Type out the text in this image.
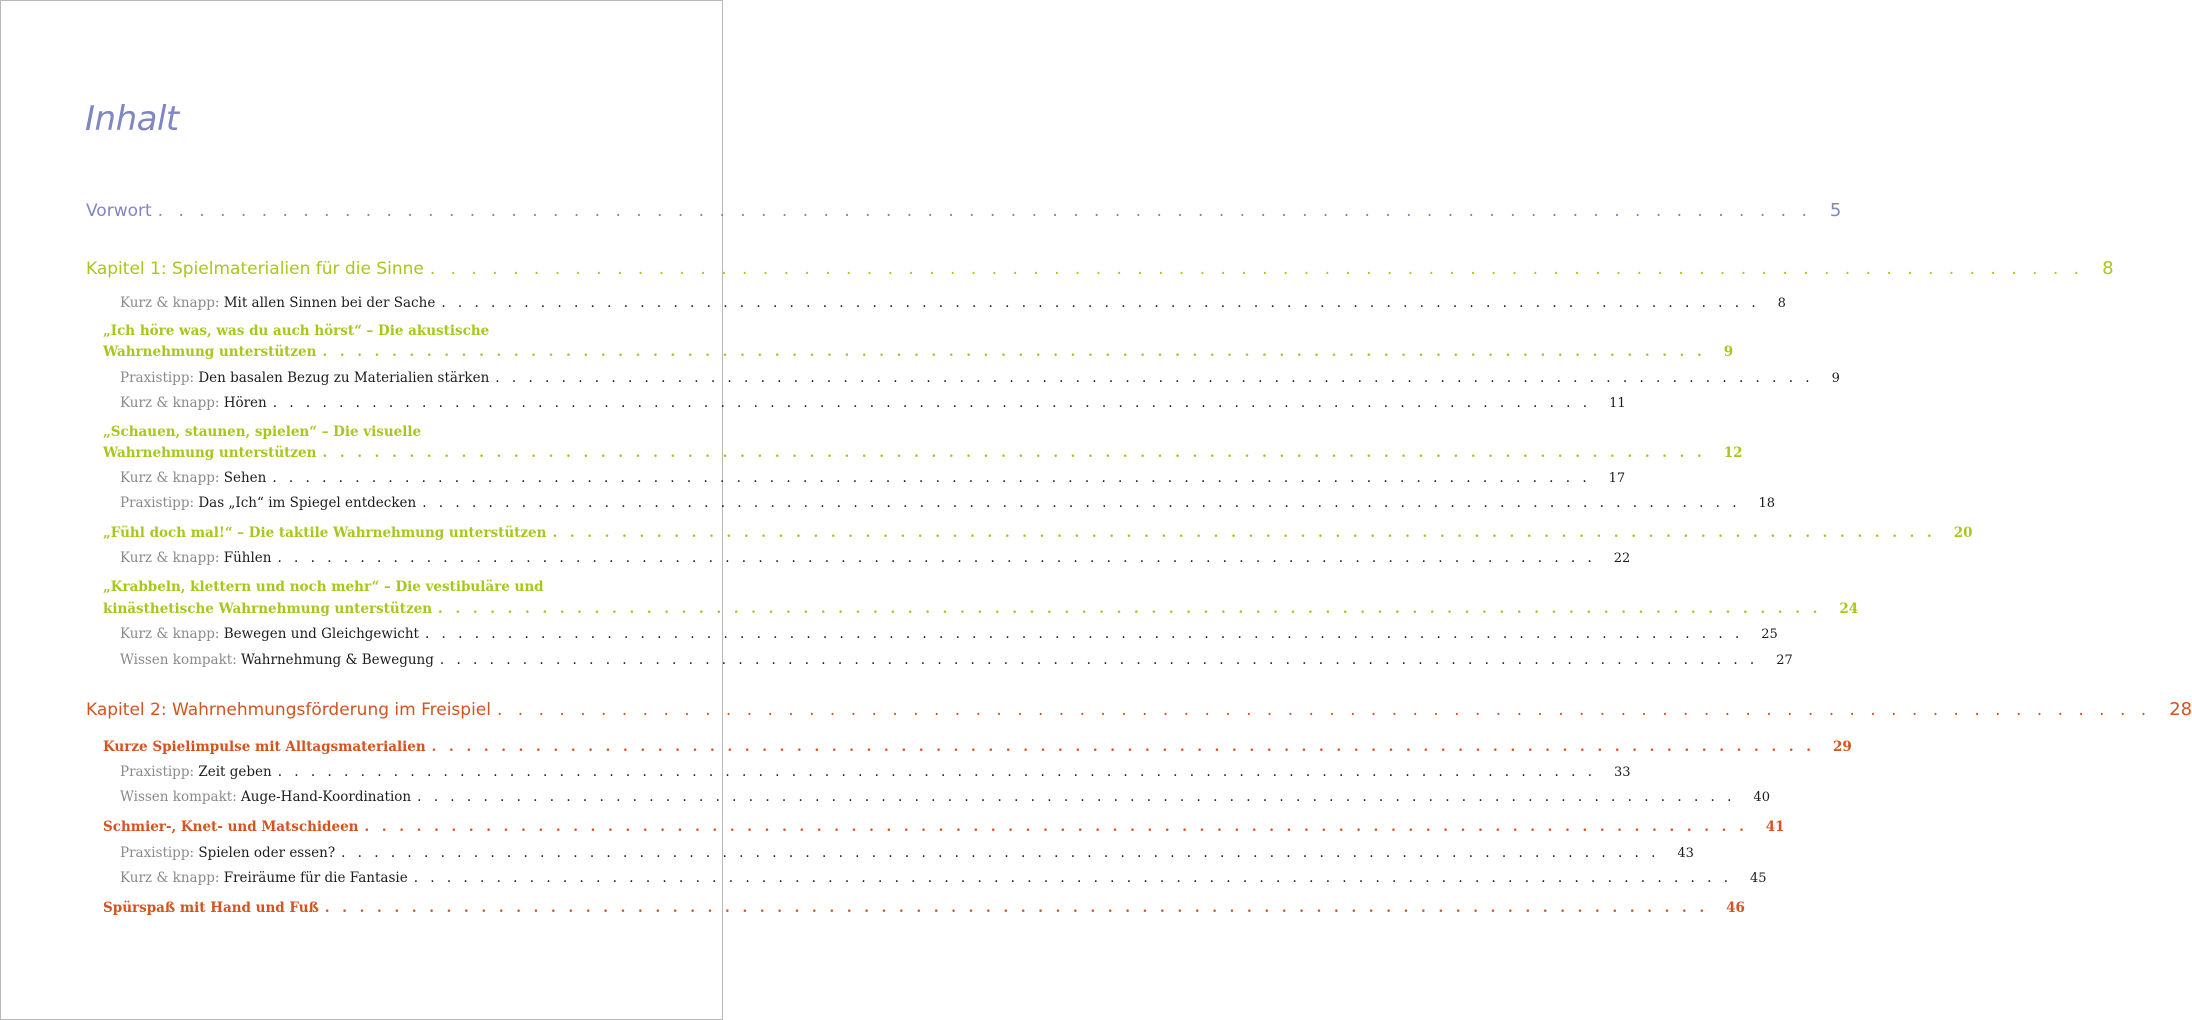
Inhalt
Vorwort . . . . . . . . . . . . . . . . . . . . . . . . . . . . . . . . . . . . . . . . . . . . . . . . . . . . . . . . . . . . . . . . . . . . . . . . . . . . . . . . 5
Kapitel 1: Spielmaterialien für die Sinne . . . . . . . . . . . . . . . . . . . . . . . . . . . . . . . . . . . . . . . . . . . . . . . . . . . . . . . . . . . . . . . . . . . . . . . . . . . . . . . . 8
Kurz & knapp: Mit allen Sinnen bei der Sache . . . . . . . . . . . . . . . . . . . . . . . . . . . . . . . . . . . . . . . . . . . . . . . . . . . . . . . . . . . . . . . . . . . . . . . . . . . . . . . . 8
„Ich höre was, was du auch hörst“ – Die akustische
Wahrnehmung unterstützen . . . . . . . . . . . . . . . . . . . . . . . . . . . . . . . . . . . . . . . . . . . . . . . . . . . . . . . . . . . . . . . . . . . . . . . . . . . . . . . . 9
Praxistipp: Den basalen Bezug zu Materialien stärken . . . . . . . . . . . . . . . . . . . . . . . . . . . . . . . . . . . . . . . . . . . . . . . . . . . . . . . . . . . . . . . . . . . . . . . . . . . . . . . . 9
Kurz & knapp: Hören . . . . . . . . . . . . . . . . . . . . . . . . . . . . . . . . . . . . . . . . . . . . . . . . . . . . . . . . . . . . . . . . . . . . . . . . . . . . . . . . 11
„Schauen, staunen, spielen“ – Die visuelle
Wahrnehmung unterstützen . . . . . . . . . . . . . . . . . . . . . . . . . . . . . . . . . . . . . . . . . . . . . . . . . . . . . . . . . . . . . . . . . . . . . . . . . . . . . . . . 12
Kurz & knapp: Sehen . . . . . . . . . . . . . . . . . . . . . . . . . . . . . . . . . . . . . . . . . . . . . . . . . . . . . . . . . . . . . . . . . . . . . . . . . . . . . . . . 17
Praxistipp: Das „Ich“ im Spiegel entdecken . . . . . . . . . . . . . . . . . . . . . . . . . . . . . . . . . . . . . . . . . . . . . . . . . . . . . . . . . . . . . . . . . . . . . . . . . . . . . . . . 18
„Fühl doch mal!“ – Die taktile Wahrnehmung unterstützen . . . . . . . . . . . . . . . . . . . . . . . . . . . . . . . . . . . . . . . . . . . . . . . . . . . . . . . . . . . . . . . . . . . . . . . . . . . . . . . . 20
Kurz & knapp: Fühlen . . . . . . . . . . . . . . . . . . . . . . . . . . . . . . . . . . . . . . . . . . . . . . . . . . . . . . . . . . . . . . . . . . . . . . . . . . . . . . . . 22
„Krabbeln, klettern und noch mehr“ – Die vestibuläre und
kinästhetische Wahrnehmung unterstützen . . . . . . . . . . . . . . . . . . . . . . . . . . . . . . . . . . . . . . . . . . . . . . . . . . . . . . . . . . . . . . . . . . . . . . . . . . . . . . . . 24
Kurz & knapp: Bewegen und Gleichgewicht . . . . . . . . . . . . . . . . . . . . . . . . . . . . . . . . . . . . . . . . . . . . . . . . . . . . . . . . . . . . . . . . . . . . . . . . . . . . . . . . 25
Wissen kompakt: Wahrnehmung & Bewegung . . . . . . . . . . . . . . . . . . . . . . . . . . . . . . . . . . . . . . . . . . . . . . . . . . . . . . . . . . . . . . . . . . . . . . . . . . . . . . . . 27
Kapitel 2: Wahrnehmungsförderung im Freispiel . . . . . . . . . . . . . . . . . . . . . . . . . . . . . . . . . . . . . . . . . . . . . . . . . . . . . . . . . . . . . . . . . . . . . . . . . . . . . . . . 28
Kurze Spielimpulse mit Alltagsmaterialien . . . . . . . . . . . . . . . . . . . . . . . . . . . . . . . . . . . . . . . . . . . . . . . . . . . . . . . . . . . . . . . . . . . . . . . . . . . . . . . . 29
Praxistipp: Zeit geben . . . . . . . . . . . . . . . . . . . . . . . . . . . . . . . . . . . . . . . . . . . . . . . . . . . . . . . . . . . . . . . . . . . . . . . . . . . . . . . . 33
Wissen kompakt: Auge-Hand-Koordination . . . . . . . . . . . . . . . . . . . . . . . . . . . . . . . . . . . . . . . . . . . . . . . . . . . . . . . . . . . . . . . . . . . . . . . . . . . . . . . . 40
Schmier-, Knet- und Matschideen . . . . . . . . . . . . . . . . . . . . . . . . . . . . . . . . . . . . . . . . . . . . . . . . . . . . . . . . . . . . . . . . . . . . . . . . . . . . . . . . 41
Praxistipp: Spielen oder essen? . . . . . . . . . . . . . . . . . . . . . . . . . . . . . . . . . . . . . . . . . . . . . . . . . . . . . . . . . . . . . . . . . . . . . . . . . . . . . . . . 43
Kurz & knapp: Freiräume für die Fantasie . . . . . . . . . . . . . . . . . . . . . . . . . . . . . . . . . . . . . . . . . . . . . . . . . . . . . . . . . . . . . . . . . . . . . . . . . . . . . . . . 45
Spürspaß mit Hand und Fuß . . . . . . . . . . . . . . . . . . . . . . . . . . . . . . . . . . . . . . . . . . . . . . . . . . . . . . . . . . . . . . . . . . . . . . . . . . . . . . . . 46
